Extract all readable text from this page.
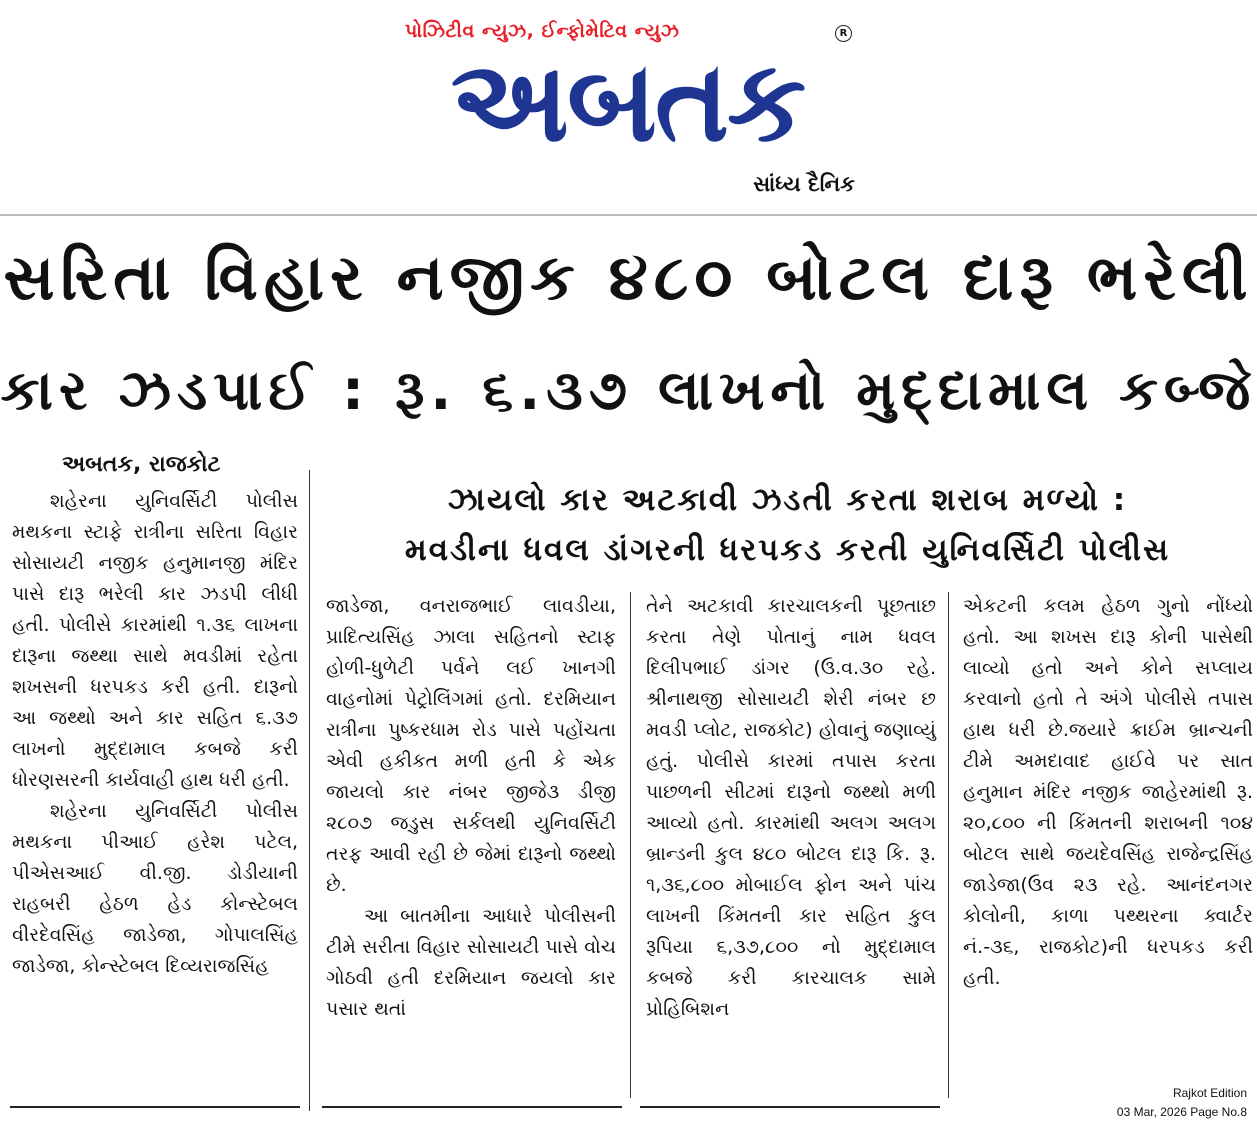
પોઝિટીવ ન્યુઝ, ઈન્ફોમેટિવ ન્યુઝ	R
અબતક
સાંધ્ય દૈનિક
સરિતા વિહાર નજીક ૪૮૦ બોટલ દારૂ ભરેલી
કાર ઝડપાઈ : રૂ. ૬.૩૭ લાખનો મુદ્દામાલ કબ્જે
અબતક, રાજકોટ
ઝાયલો કાર અટકાવી ઝડતી કરતા શરાબ મળ્યો :
મવડીના ધવલ ડાંગરની ધરપકડ કરતી યુનિવર્સિટી પોલીસ

શહેરના યુનિવર્સિટી પોલીસ મથકના સ્ટાફે રાત્રીના સરિતા વિહાર સોસાયટી નજીક હનુમાનજી મંદિર પાસે દારૂ ભરેલી કાર ઝડપી લીધી હતી. પોલીસે કારમાંથી ૧.૩૬ લાખના દારૂના જથ્થા સાથે મવડીમાં રહેતા શખસની ધરપકડ કરી હતી. દારૂનો આ જથ્થો અને કાર સહિત ૬.૩૭ લાખનો મુદ્દામાલ કબજે કરી ધોરણસરની કાર્યવાહી હાથ ધરી હતી.

શહેરના યુનિવર્સિટી પોલીસ મથકના પીઆઈ હરેશ પટેલ, પીએસઆઈ વી.જી. ડોડીયાની રાહબરી હેઠળ હેડ કોન્સ્ટેબલ વીરદેવસિંહ જાડેજા, ગોપાલસિંહ જાડેજા, કોન્સ્ટેબલ દિવ્યરાજસિંહ

જાડેજા, વનરાજભાઈ લાવડીયા, પ્રાદિત્યસિંહ ઝાલા સહિતનો સ્ટાફ હોળી-ધુળેટી પર્વને લઈ ખાનગી વાહનોમાં પેટ્રોલિંગમાં હતો. દરમિયાન રાત્રીના પુષ્કરધામ રોડ પાસે પહોંચતા એવી હકીકત મળી હતી કે એક જાયલો કાર નંબર જીજે૩ ડીજી ૨૮૦૭ જડુસ સર્કલથી યુનિવર્સિટી તરફ આવી રહી છે જેમાં દારૂનો જથ્થો છે.

આ બાતમીના આધારે પોલીસની ટીમે સરીતા વિહાર સોસાયટી પાસે વોચ ગોઠવી હતી દરમિયાન જયલો કાર પસાર થતાં

તેને અટકાવી કારચાલકની પૂછતાછ કરતા તેણે પોતાનું નામ ધવલ દિલીપભાઈ ડાંગર (ઉ.વ.૩૦ રહે. શ્રીનાથજી સોસાયટી શેરી નંબર છ મવડી પ્લોટ, રાજકોટ) હોવાનું જણાવ્યું હતું. પોલીસે કારમાં તપાસ કરતા પાછળની સીટમાં દારૂનો જથ્થો મળી આવ્યો હતો. કારમાંથી અલગ અલગ બ્રાન્ડની કુલ ૪૮૦ બોટલ દારૂ કિ. રૂ. ૧,૩૬,૮૦૦ મોબાઈલ ફોન અને પાંચ લાખની કિંમતની કાર સહિત કુલ રૂપિયા ૬,૩૭,૮૦૦ નો મુદ્દામાલ કબજે કરી કારચાલક સામે પ્રોહિબિશન

એકટની કલમ હેઠળ ગુનો નોંધ્યો હતો. આ શખસ દારૂ કોની પાસેથી લાવ્યો હતો અને કોને સપ્લાય કરવાનો હતો તે અંગે પોલીસે તપાસ હાથ ધરી છે.જયારે ક્રાઈમ બ્રાન્ચની ટીમે અમદાવાદ હાઈવે પર સાત હનુમાન મંદિર નજીક જાહેરમાંથી રૂ. ૨૦,૮૦૦ ની કિંમતની શરાબની ૧૦૪ બોટલ સાથે જયદેવસિંહ રાજેન્દ્રસિંહ જાડેજા(ઉવ ૨૩ રહે. આનંદનગર કોલોની, કાળા પથ્થરના ક્વાર્ટર નં.-૩૬, રાજકોટ)ની ધરપકડ કરી હતી.

Rajkot Edition
03 Mar, 2026 Page No.8
